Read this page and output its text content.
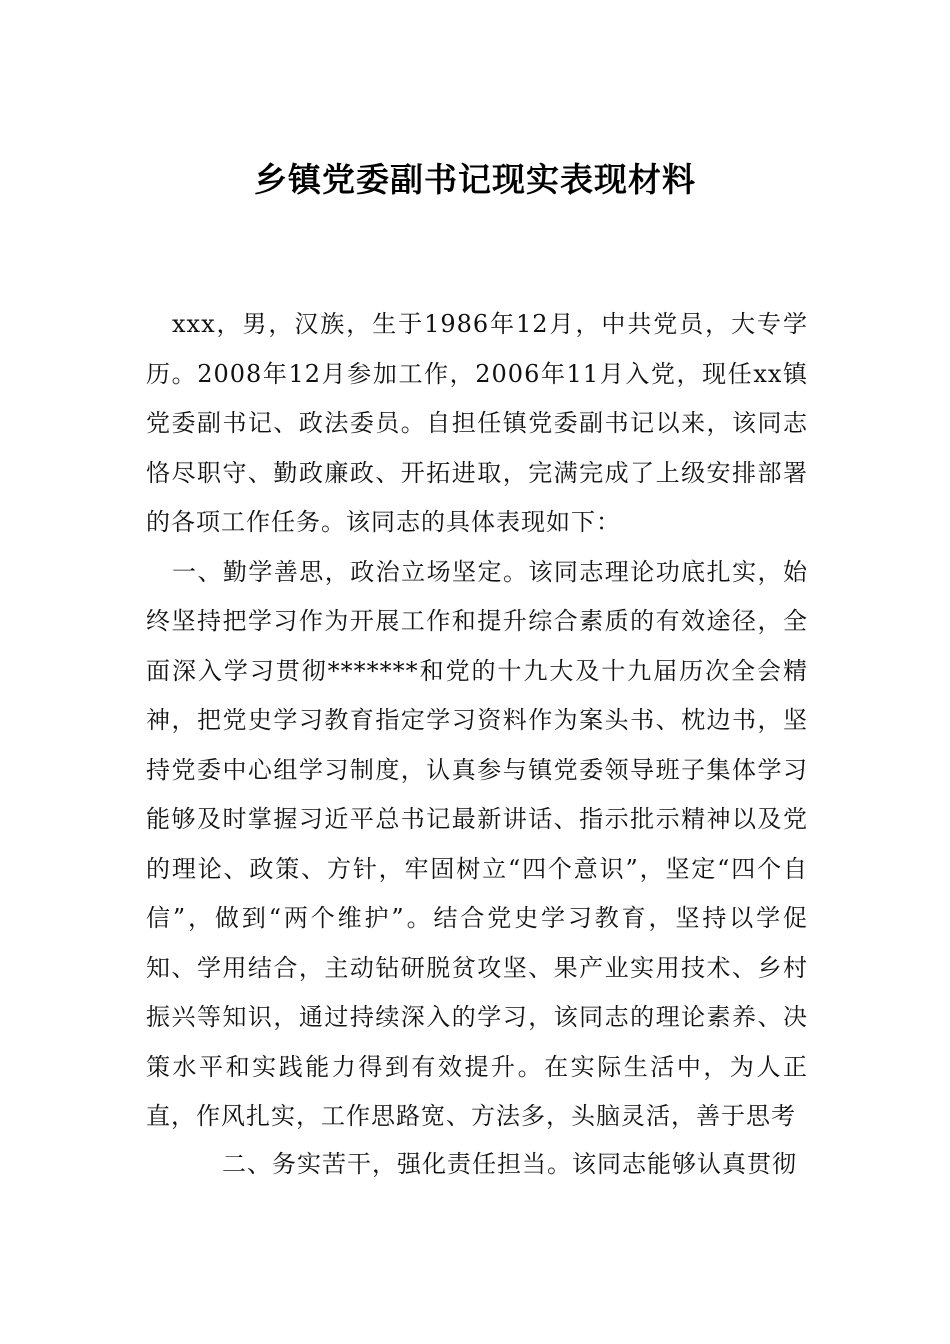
乡镇党委副书记现实表现材料

xxx，男，汉族，生于1986年12月，中共党员，大专学历。2008年12月参加工作，2006年11月入党，现任xx镇党委副书记、政法委员。自担任镇党委副书记以来，该同志恪尽职守、勤政廉政、开拓进取，完满完成了上级安排部署的各项工作任务。该同志的具体表现如下：

一、勤学善思，政治立场坚定。该同志理论功底扎实，始终坚持把学习作为开展工作和提升综合素质的有效途径，全面深入学习贯彻*******和党的十九大及十九届历次全会精神，把党史学习教育指定学习资料作为案头书、枕边书，坚持党委中心组学习制度，认真参与镇党委领导班子集体学习能够及时掌握习近平总书记最新讲话、指示批示精神以及党的理论、政策、方针，牢固树立“四个意识”，坚定“四个自信”，做到“两个维护”。结合党史学习教育，坚持以学促知、学用结合，主动钻研脱贫攻坚、果产业实用技术、乡村振兴等知识，通过持续深入的学习，该同志的理论素养、决策水平和实践能力得到有效提升。在实际生活中，为人正直，作风扎实，工作思路宽、方法多，头脑灵活，善于思考

二、务实苦干，强化责任担当。该同志能够认真贯彻
